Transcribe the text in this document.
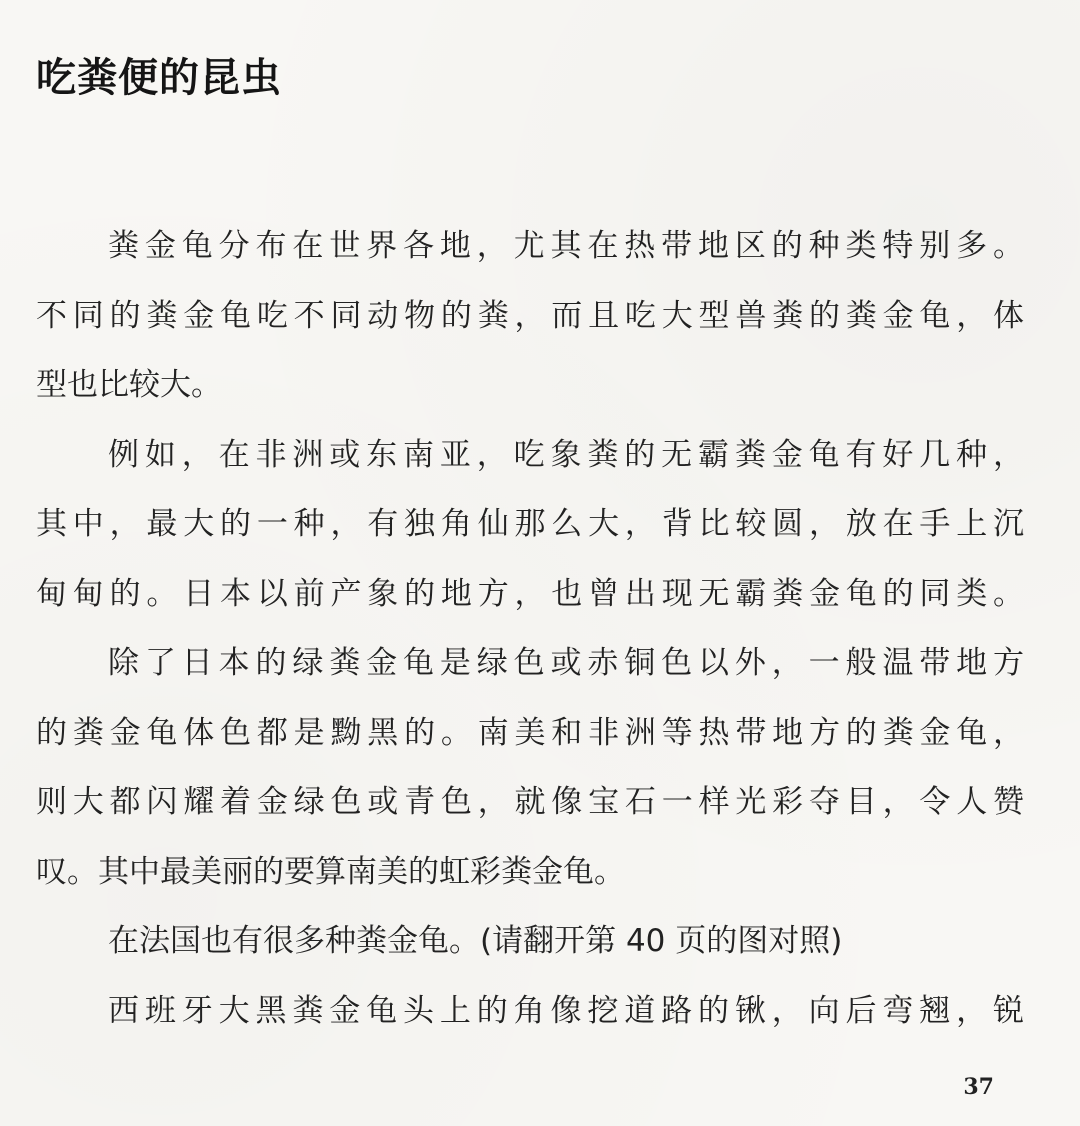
吃粪便的昆虫
粪金龟分布在世界各地，尤其在热带地区的种类特别多。
不同的粪金龟吃不同动物的粪，而且吃大型兽粪的粪金龟，体
型也比较大。
例如，在非洲或东南亚，吃象粪的无霸粪金龟有好几种，
其中，最大的一种，有独角仙那么大，背比较圆，放在手上沉
甸甸的。日本以前产象的地方，也曾出现无霸粪金龟的同类。
除了日本的绿粪金龟是绿色或赤铜色以外，一般温带地方
的粪金龟体色都是黝黑的。南美和非洲等热带地方的粪金龟，
则大都闪耀着金绿色或青色，就像宝石一样光彩夺目，令人赞
叹。其中最美丽的要算南美的虹彩粪金龟。
在法国也有很多种粪金龟。(请翻开第 40 页的图对照)
西班牙大黑粪金龟头上的角像挖道路的锹，向后弯翘，锐
37
